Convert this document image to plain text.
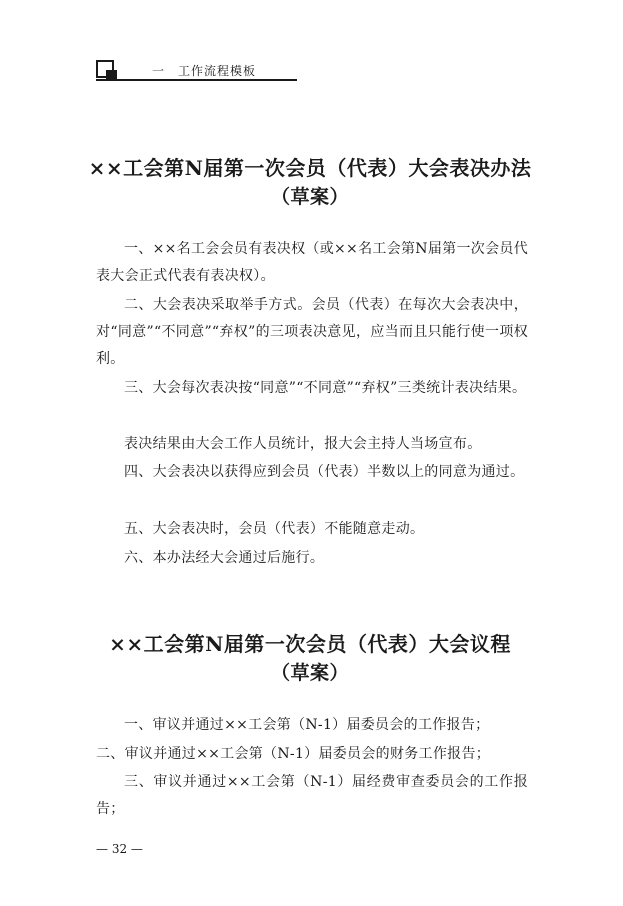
一　工作流程模板
××工会第N届第一次会员（代表）大会表决办法
（草案）

一、××名工会会员有表决权（或××名工会第N届第一次会员代表大会正式代表有表决权）。

二、大会表决采取举手方式。会员（代表）在每次大会表决中，对“同意”“不同意”“弃权”的三项表决意见，应当而且只能行使一项权利。

三、大会每次表决按“同意”“不同意”“弃权”三类统计表决结果。

表决结果由大会工作人员统计，报大会主持人当场宣布。

四、大会表决以获得应到会员（代表）半数以上的同意为通过。

五、大会表决时，会员（代表）不能随意走动。

六、本办法经大会通过后施行。

××工会第N届第一次会员（代表）大会议程
（草案）

一、审议并通过××工会第（N-1）届委员会的工作报告；

二、审议并通过××工会第（N-1）届委员会的财务工作报告；

三、审议并通过××工会第（N-1）届经费审查委员会的工作报告；

— 32 —
